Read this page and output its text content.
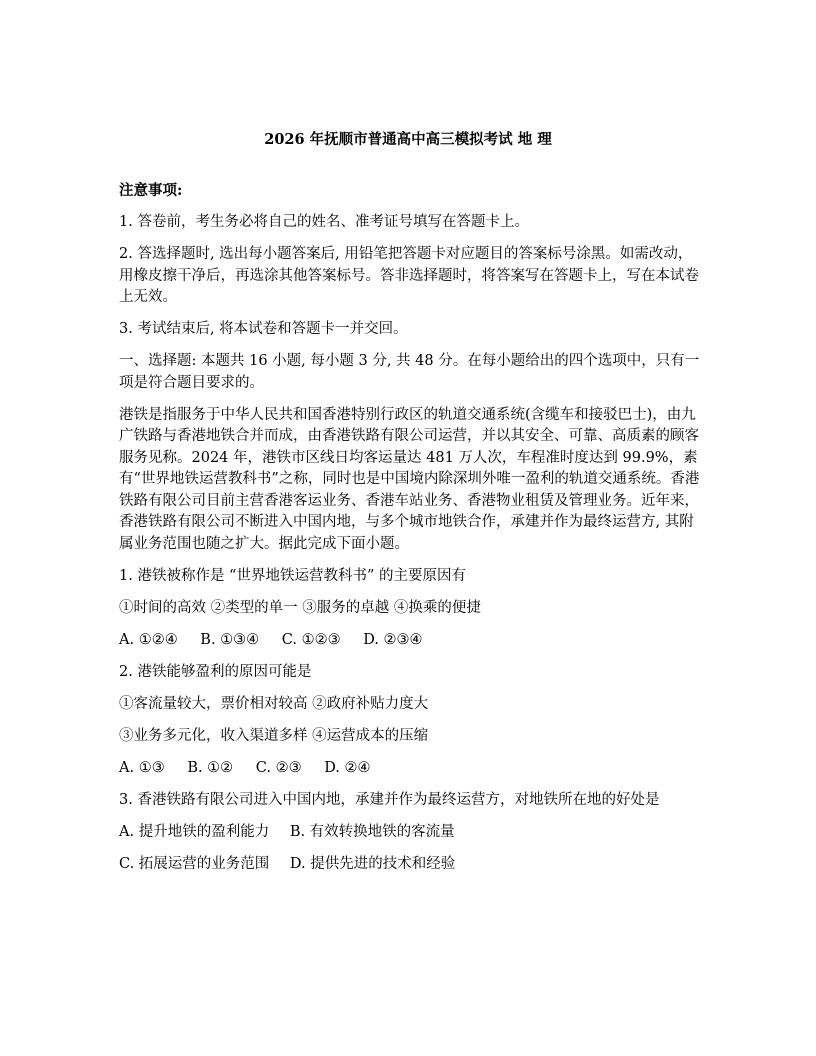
2026 年抚顺市普通高中高三模拟考试 地 理

注意事项:

1. 答卷前，考生务必将自己的姓名、准考证号填写在答题卡上。

2. 答选择题时, 选出每小题答案后, 用铅笔把答题卡对应题目的答案标号涂黑。如需改动，用橡皮擦干净后，再选涂其他答案标号。答非选择题时，将答案写在答题卡上，写在本试卷上无效。

3. 考试结束后, 将本试卷和答题卡一并交回。

一、选择题: 本题共 16 小题, 每小题 3 分, 共 48 分。在每小题给出的四个选项中，只有一项是符合题目要求的。

港铁是指服务于中华人民共和国香港特别行政区的轨道交通系统(含缆车和接驳巴士)，由九广铁路与香港地铁合并而成，由香港铁路有限公司运营，并以其安全、可靠、高质素的顾客服务见称。2024 年，港铁市区线日均客运量达 481 万人次，车程准时度达到 99.9%，素有“世界地铁运营教科书”之称，同时也是中国境内除深圳外唯一盈利的轨道交通系统。香港铁路有限公司目前主营香港客运业务、香港车站业务、香港物业租赁及管理业务。近年来，香港铁路有限公司不断进入中国内地，与多个城市地铁合作，承建并作为最终运营方, 其附属业务范围也随之扩大。据此完成下面小题。

1. 港铁被称作是 “世界地铁运营教科书” 的主要原因有

①时间的高效 ②类型的单一 ③服务的卓越 ④换乘的便捷

A. ①②④ B. ①③④ C. ①②③ D. ②③④

2. 港铁能够盈利的原因可能是

①客流量较大，票价相对较高 ②政府补贴力度大

③业务多元化，收入渠道多样 ④运营成本的压缩

A. ①③ B. ①② C. ②③ D. ②④

3. 香港铁路有限公司进入中国内地，承建并作为最终运营方，对地铁所在地的好处是

A. 提升地铁的盈利能力 B. 有效转换地铁的客流量

C. 拓展运营的业务范围 D. 提供先进的技术和经验
